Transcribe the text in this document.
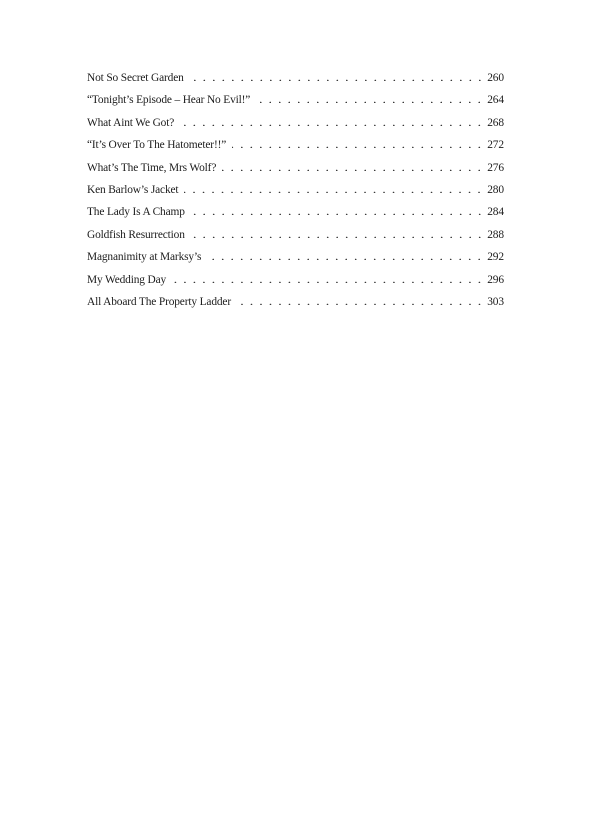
Not So Secret Garden	260
“Tonight’s Episode – Hear No Evil!”	264
What Aint We Got?	268
“It’s Over To The Hatometer!!”	272
What’s The Time, Mrs Wolf?	276
Ken Barlow’s Jacket	280
The Lady Is A Champ	284
Goldfish Resurrection	288
Magnanimity at Marksy’s	292
My Wedding Day	296
All Aboard The Property Ladder	303
